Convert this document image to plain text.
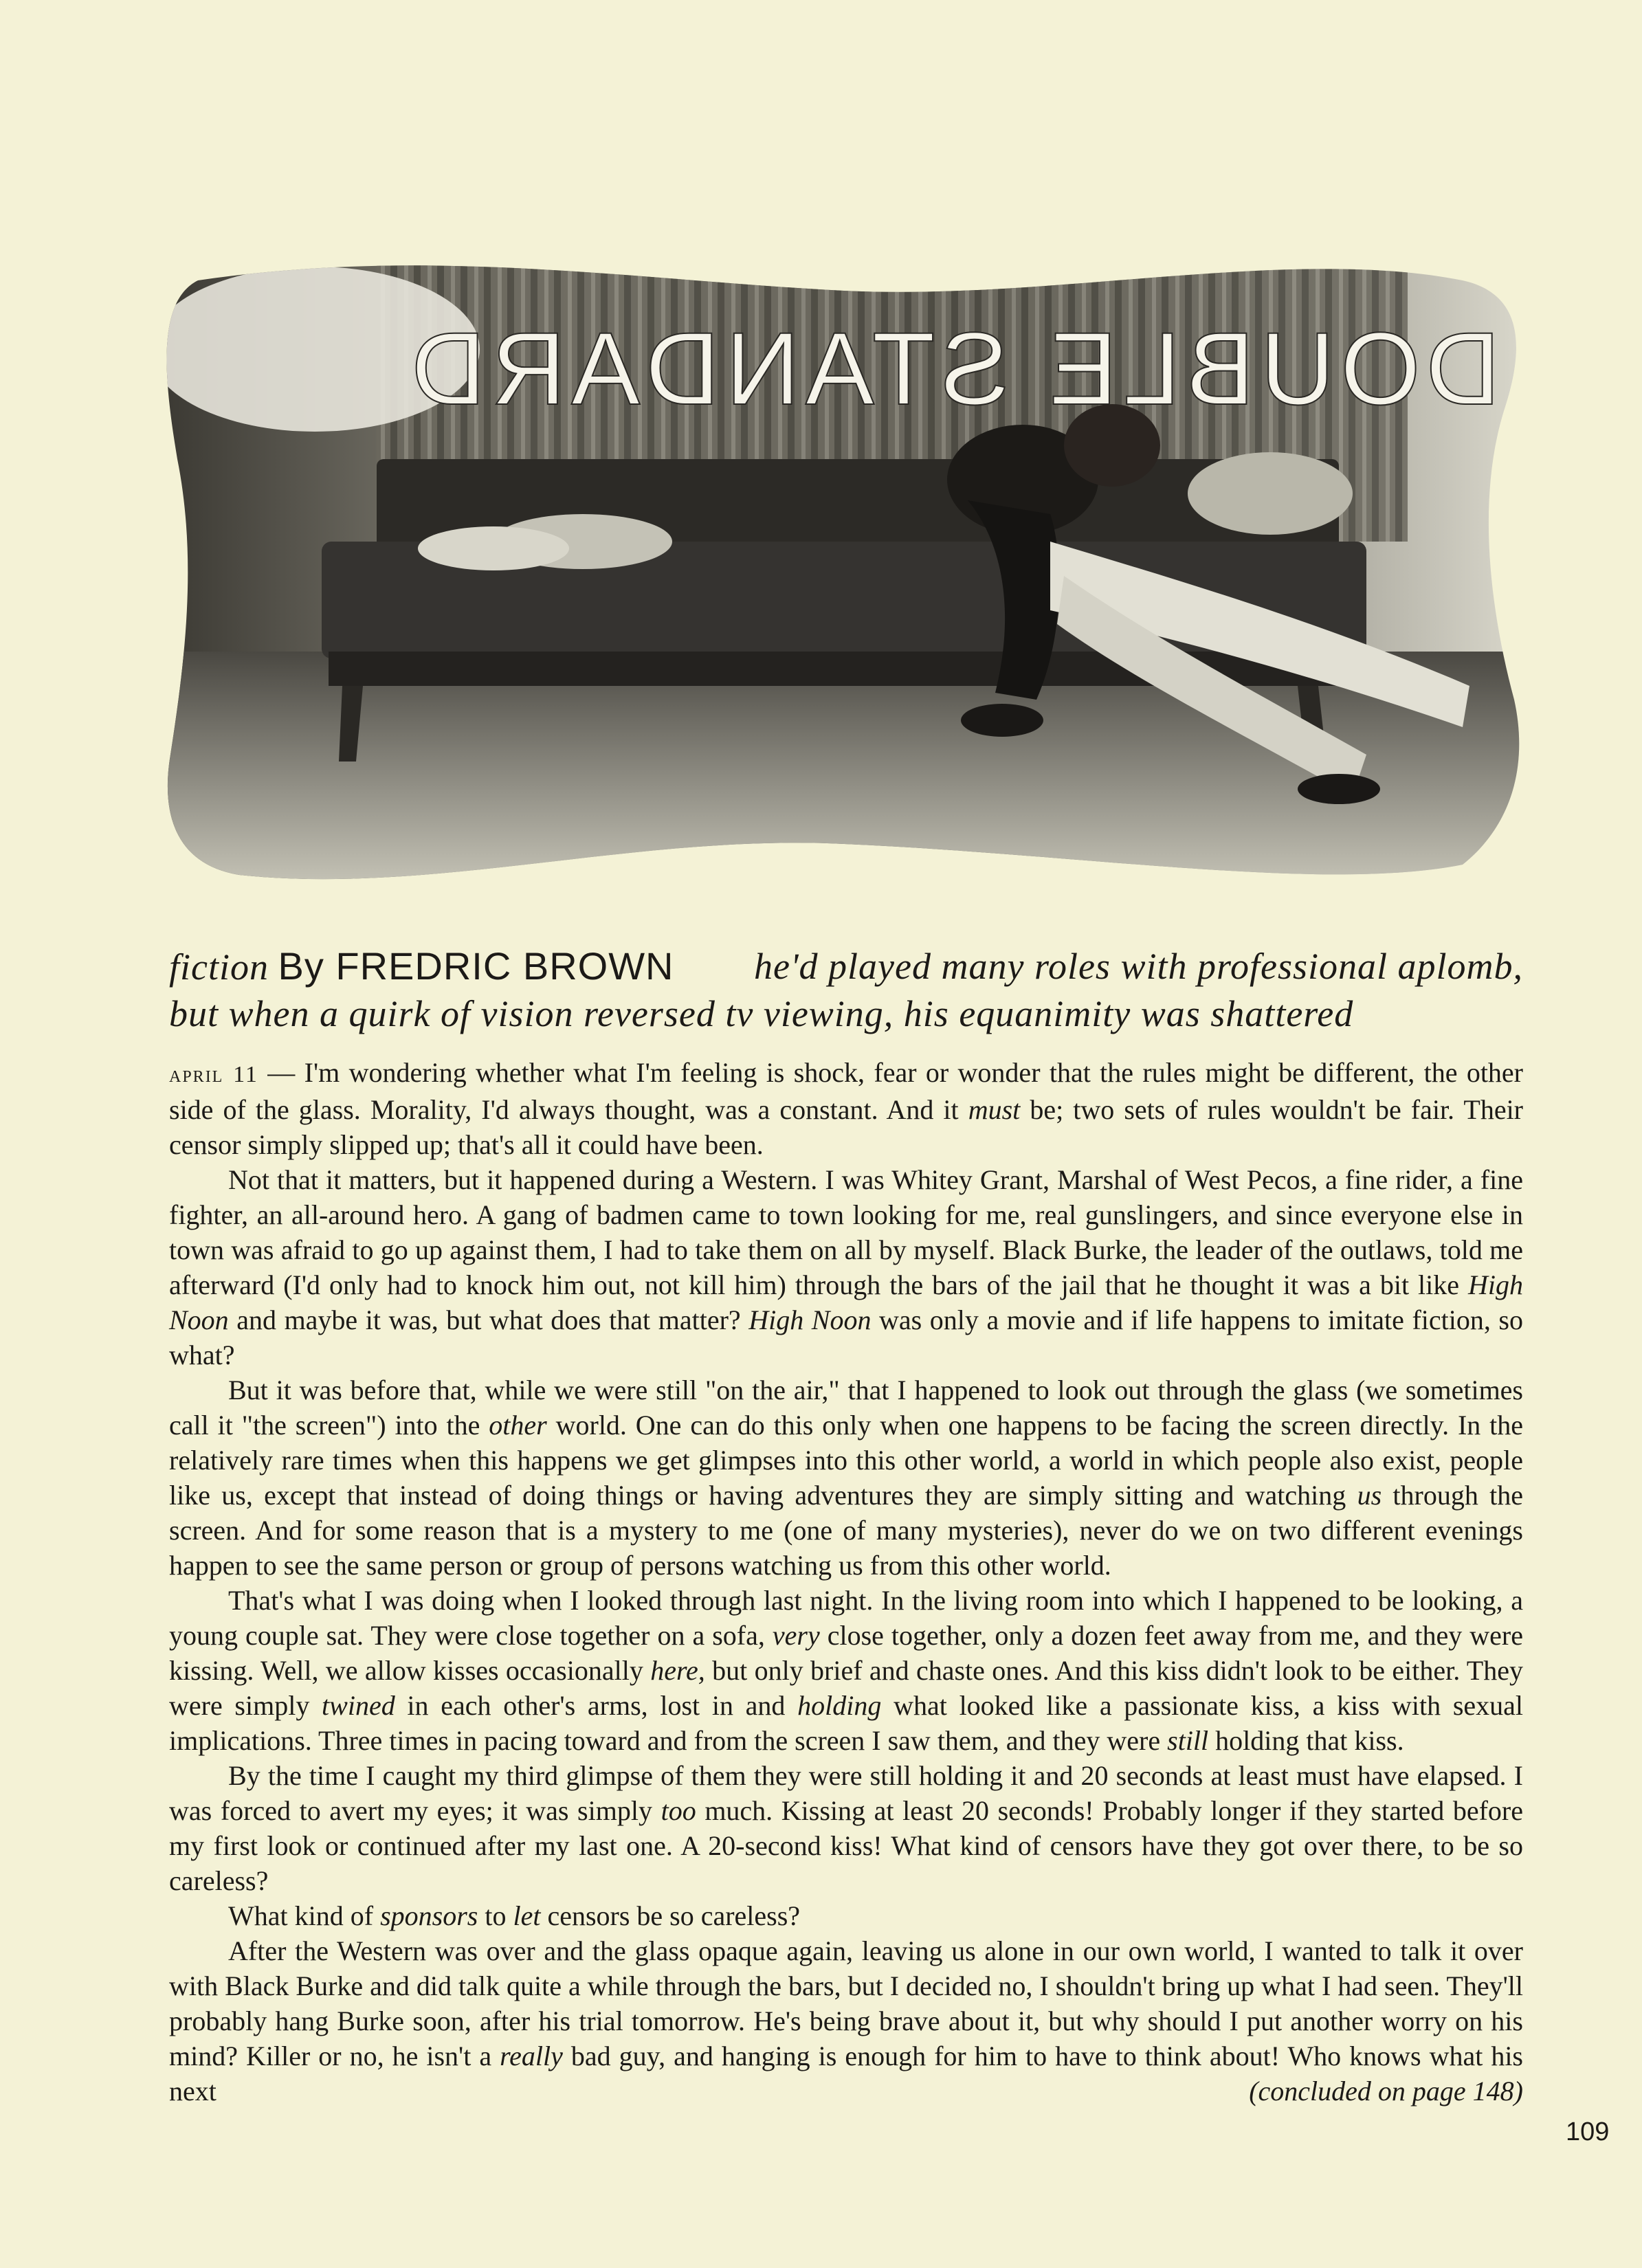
DOUBLE STANDARD
fiction By FREDRIC BROWN he'd played many roles with professional aplomb,
but when a quirk of vision reversed tv viewing, his equanimity was shattered

april 11 — I'm wondering whether what I'm feeling is shock, fear or wonder that the rules might be different, the other side of the glass. Morality, I'd always thought, was a constant. And it must be; two sets of rules wouldn't be fair. Their censor simply slipped up; that's all it could have been.

Not that it matters, but it happened during a Western. I was Whitey Grant, Marshal of West Pecos, a fine rider, a fine fighter, an all-around hero. A gang of badmen came to town looking for me, real gunslingers, and since everyone else in town was afraid to go up against them, I had to take them on all by myself. Black Burke, the leader of the outlaws, told me afterward (I'd only had to knock him out, not kill him) through the bars of the jail that he thought it was a bit like High Noon and maybe it was, but what does that matter? High Noon was only a movie and if life happens to imitate fiction, so what?

But it was before that, while we were still "on the air," that I happened to look out through the glass (we sometimes call it "the screen") into the other world. One can do this only when one happens to be facing the screen directly. In the relatively rare times when this happens we get glimpses into this other world, a world in which people also exist, people like us, except that instead of doing things or having adventures they are simply sitting and watching us through the screen. And for some reason that is a mystery to me (one of many mysteries), never do we on two different evenings happen to see the same person or group of persons watching us from this other world.

That's what I was doing when I looked through last night. In the living room into which I happened to be looking, a young couple sat. They were close together on a sofa, very close together, only a dozen feet away from me, and they were kissing. Well, we allow kisses occasionally here, but only brief and chaste ones. And this kiss didn't look to be either. They were simply twined in each other's arms, lost in and holding what looked like a passionate kiss, a kiss with sexual implications. Three times in pacing toward and from the screen I saw them, and they were still holding that kiss.

By the time I caught my third glimpse of them they were still holding it and 20 seconds at least must have elapsed. I was forced to avert my eyes; it was simply too much. Kissing at least 20 seconds! Probably longer if they started before my first look or continued after my last one. A 20-second kiss! What kind of censors have they got over there, to be so careless?

What kind of sponsors to let censors be so careless?

After the Western was over and the glass opaque again, leaving us alone in our own world, I wanted to talk it over with Black Burke and did talk quite a while through the bars, but I decided no, I shouldn't bring up what I had seen. They'll probably hang Burke soon, after his trial tomorrow. He's being brave about it, but why should I put another worry on his mind? Killer or no, he isn't a really bad guy, and hanging is enough for him to have to think about! Who knows what his next	(concluded on page 148)

109
